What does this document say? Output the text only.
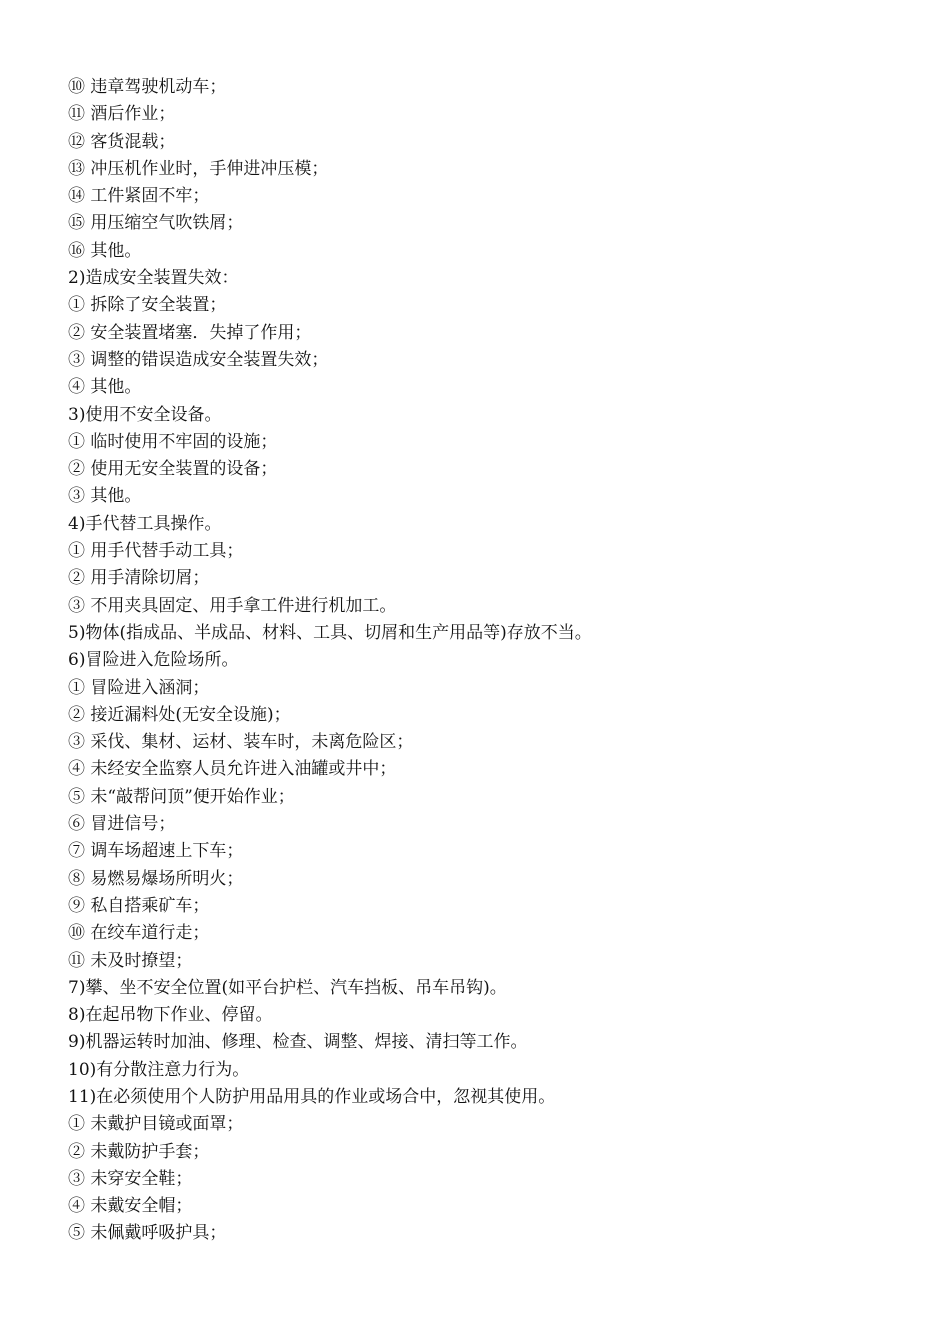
⑩ 违章驾驶机动车；
⑪ 酒后作业；
⑫ 客货混载；
⑬ 冲压机作业时，手伸进冲压模；
⑭ 工件紧固不牢；
⑮ 用压缩空气吹铁屑；
⑯ 其他。
2)造成安全装置失效：
① 拆除了安全装置；
② 安全装置堵塞．失掉了作用；
③ 调整的错误造成安全装置失效；
④ 其他。
3)使用不安全设备。
① 临时使用不牢固的设施；
② 使用无安全装置的设备；
③ 其他。
4)手代替工具操作。
① 用手代替手动工具；
② 用手清除切屑；
③ 不用夹具固定、用手拿工件进行机加工。
5)物体(指成品、半成品、材料、工具、切屑和生产用品等)存放不当。
6)冒险进入危险场所。
① 冒险进入涵洞；
② 接近漏料处(无安全设施)；
③ 采伐、集材、运材、装车时，未离危险区；
④ 未经安全监察人员允许进入油罐或井中；
⑤ 未“敲帮问顶”便开始作业；
⑥ 冒进信号；
⑦ 调车场超速上下车；
⑧ 易燃易爆场所明火；
⑨ 私自搭乘矿车；
⑩ 在绞车道行走；
⑪ 未及时撩望；
7)攀、坐不安全位置(如平台护栏、汽车挡板、吊车吊钩)。
8)在起吊物下作业、停留。
9)机器运转时加油、修理、检查、调整、焊接、清扫等工作。
10)有分散注意力行为。
11)在必须使用个人防护用品用具的作业或场合中，忽视其使用。
① 未戴护目镜或面罩；
② 未戴防护手套；
③ 未穿安全鞋；
④ 未戴安全帽；
⑤ 未佩戴呼吸护具；
